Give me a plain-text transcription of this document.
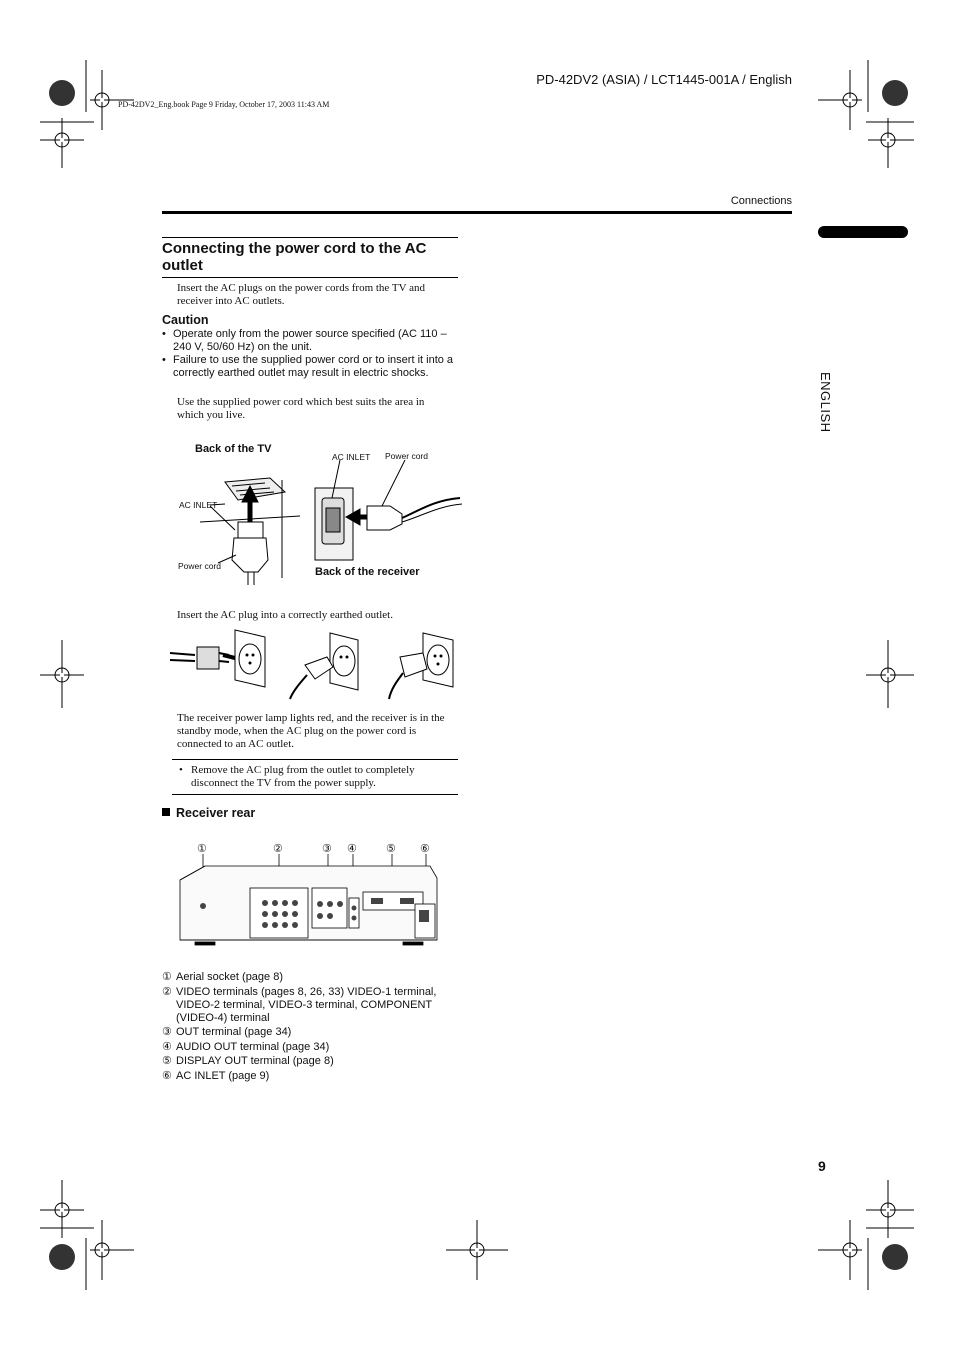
PD-42DV2 (ASIA) / LCT1445-001A / English
PD-42DV2_Eng.book Page 9 Friday, October 17, 2003 11:43 AM
Connections
ENGLISH
Connecting the power cord to the AC outlet
Insert the AC plugs on the power cords from the TV and receiver into AC outlets.
Caution
• Operate only from the power source specified (AC 110 – 240 V, 50/60 Hz) on the unit.
• Failure to use the supplied power cord or to insert it into a correctly earthed outlet may result in electric shocks.
Use the supplied power cord which best suits the area in which you live.
Back of the TV
AC INLET
Power cord
AC INLET Power cord
Back of the receiver
Insert the AC plug into a correctly earthed outlet.
The receiver power lamp lights red, and the receiver is in the standby mode, when the AC plug on the power cord is connected to an AC outlet.
• Remove the AC plug from the outlet to completely disconnect the TV from the power supply.
Receiver rear
①	②	③ ④	⑤ ⑥
① Aerial socket (page 8)
② VIDEO terminals (pages 8, 26, 33) VIDEO-1 terminal, VIDEO-2 terminal, VIDEO-3 terminal, COMPONENT (VIDEO-4) terminal
③ OUT terminal (page 34)
④ AUDIO OUT terminal (page 34)
⑤ DISPLAY OUT terminal (page 8)
⑥ AC INLET (page 9)
9
